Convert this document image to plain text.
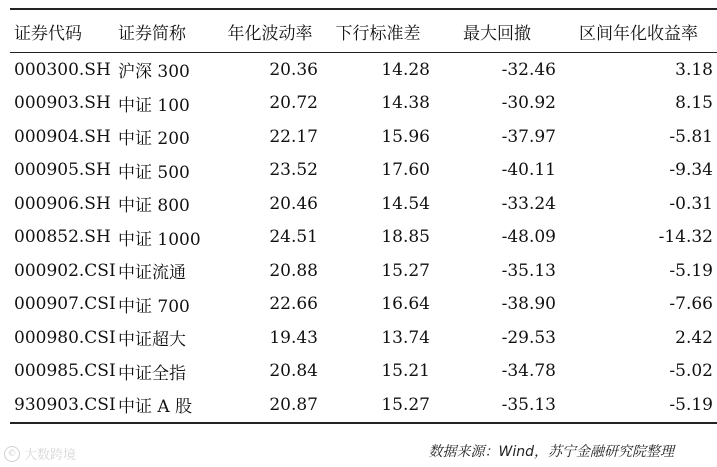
证券代码	证券简称	年化波动率	下行标准差	最大回撤	区间年化收益率
000300.SH	沪深 300	20.36	14.28	-32.46	3.18
000903.SH	中证 100	20.72	14.38	-30.92	8.15
000904.SH	中证 200	22.17	15.96	-37.97	-5.81
000905.SH	中证 500	23.52	17.60	-40.11	-9.34
000906.SH	中证 800	20.46	14.54	-33.24	-0.31
000852.SH	中证 1000	24.51	18.85	-48.09	-14.32
000902.CSI	中证流通	20.88	15.27	-35.13	-5.19
000907.CSI	中证 700	22.66	16.64	-38.90	-7.66
000980.CSI	中证超大	19.43	13.74	-29.53	2.42
000985.CSI	中证全指	20.84	15.21	-34.78	-5.02
930903.CSI	中证 A 股	20.87	15.27	-35.13	-5.19
© 大数跨境	数据来源：Wind，苏宁金融研究院整理
